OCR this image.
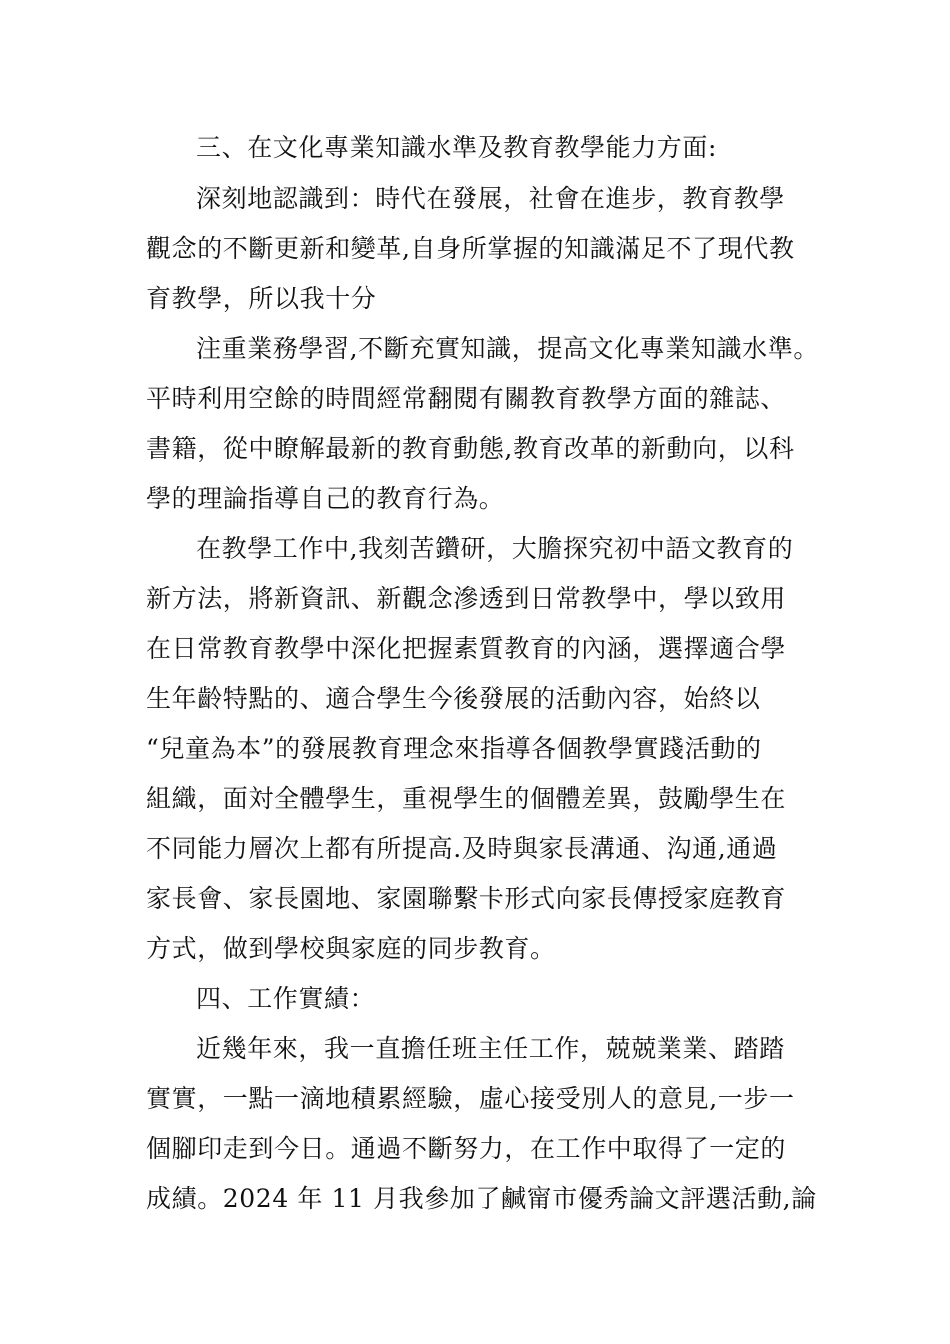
三、在文化專業知識水準及教育教學能力方面:
深刻地認識到：時代在發展，社會在進步，教育教學
觀念的不斷更新和變革,自身所掌握的知識滿足不了現代教
育教學，所以我十分
注重業務學習,不斷充實知識，提高文化專業知識水準。
平時利用空餘的時間經常翻閱有關教育教學方面的雜誌、
書籍，從中瞭解最新的教育動態,教育改革的新動向，以科
學的理論指導自己的教育行為。
在教學工作中,我刻苦鑽研，大膽探究初中語文教育的
新方法，將新資訊、新觀念滲透到日常教學中，學以致用
在日常教育教學中深化把握素質教育的內涵，選擇適合學
生年齡特點的、適合學生今後發展的活動內容，始終以
“兒童為本”的發展教育理念來指導各個教學實踐活動的
組織，面対全體學生，重視學生的個體差異，鼓勵學生在
不同能力層次上都有所提高.及時與家長溝通、沟通,通過
家長會、家長園地、家園聯繫卡形式向家長傳授家庭教育
方式，做到學校與家庭的同步教育。
四、工作實績：
近幾年來，我一直擔任班主任工作，兢兢業業、踏踏
實實，一點一滴地積累經驗，虛心接受別人的意見,一步一
個腳印走到今日。通過不斷努力，在工作中取得了一定的
成績。2024 年 11 月我參加了鹹甯市優秀論文評選活動,論
